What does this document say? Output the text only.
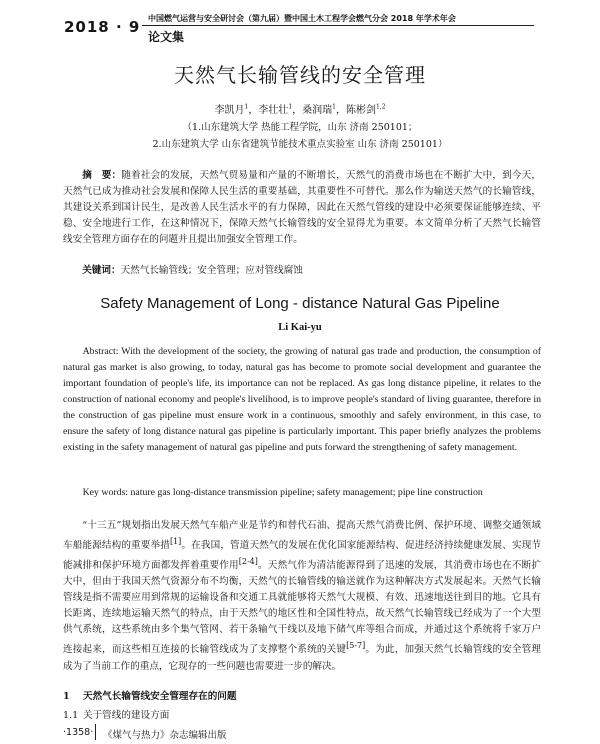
2018 · 9 中国燃气运营与安全研讨会（第九届）暨中国土木工程学会燃气分会 2018 年学术年会
论文集
天然气长输管线的安全管理
李凯月$^1$，李壮壮$^1$，桑润瑞$^1$，陈彬剑$^{1,2}$
（1.山东建筑大学 热能工程学院，山东 济南 250101；
2.山东建筑大学 山东省建筑节能技术重点实验室 山东 济南 250101）

摘　要：随着社会的发展，天然气贸易量和产量的不断增长，天然气的消费市场也在不断扩大中，到今天，天然气已成为推动社会发展和保障人民生活的重要基础，其重要性不可替代。那么作为输送天然气的长输管线，其建设关系到国计民生，是改善人民生活水平的有力保障，因此在天然气管线的建设中必须要保证能够连续、平稳、安全地进行工作，在这种情况下，保障天然气长输管线的安全显得尤为重要。本文简单分析了天然气长输管线安全管理方面存在的问题并且提出加强安全管理工作。

关键词：天然气长输管线；安全管理；应对管线腐蚀

Safety Management of Long - distance Natural Gas Pipeline
Li Kai-yu

Abstract: With the development of the society, the growing of natural gas trade and production, the consumption of natural gas market is also growing, to today, natural gas has become to promote social development and guarantee the important foundation of people's life, its importance can not be replaced. As gas long distance pipeline, it relates to the construction of national economy and people's livelihood, is to improve people's standard of living guarantee, therefore in the construction of gas pipeline must ensure work in a continuous, smoothly and safely environment, in this case, to ensure the safety of long distance natural gas pipeline is particularly important. This paper briefly analyzes the problems existing in the safety management of natural gas pipeline and puts forward the strengthening of safety management.

Key words: nature gas long-distance transmission pipeline; safety management; pipe line construction

“十三五”规划指出发展天然气车船产业是节约和替代石油、提高天然气消费比例、保护环境、调整交通领域车船能源结构的重要举措[1]。在我国，管道天然气的发展在优化国家能源结构、促进经济持续健康发展、实现节能减排和保护环境方面都发挥着重要作用[2-4]。天然气作为清洁能源得到了迅速的发展，其消费市场也在不断扩大中，但由于我国天然气资源分布不均衡，天然气的长输管线的输送就作为这种解决方式发展起来。天然气长输管线是指不需要应用到常规的运输设备和交通工具就能够将天然气大规模、有效、迅速地送往到目的地。它具有长距离、连续地运输天然气的特点，由于天然气的地区性和全国性特点，故天然气长输管线已经成为了一个大型供气系统，这些系统由多个集气管网、若干条输气干线以及地下储气库等组合而成，并通过这个系统将千家万户连接起来，而这些相互连接的长输管线成为了支撑整个系统的关键[5-7]。为此，加强天然气长输管线的安全管理成为了当前工作的重点，它现存的一些问题也需要进一步的解决。

1 天然气长输管线安全管理存在的问题
1.1 关于管线的建设方面
·1358· 《煤气与热力》杂志编辑出版
